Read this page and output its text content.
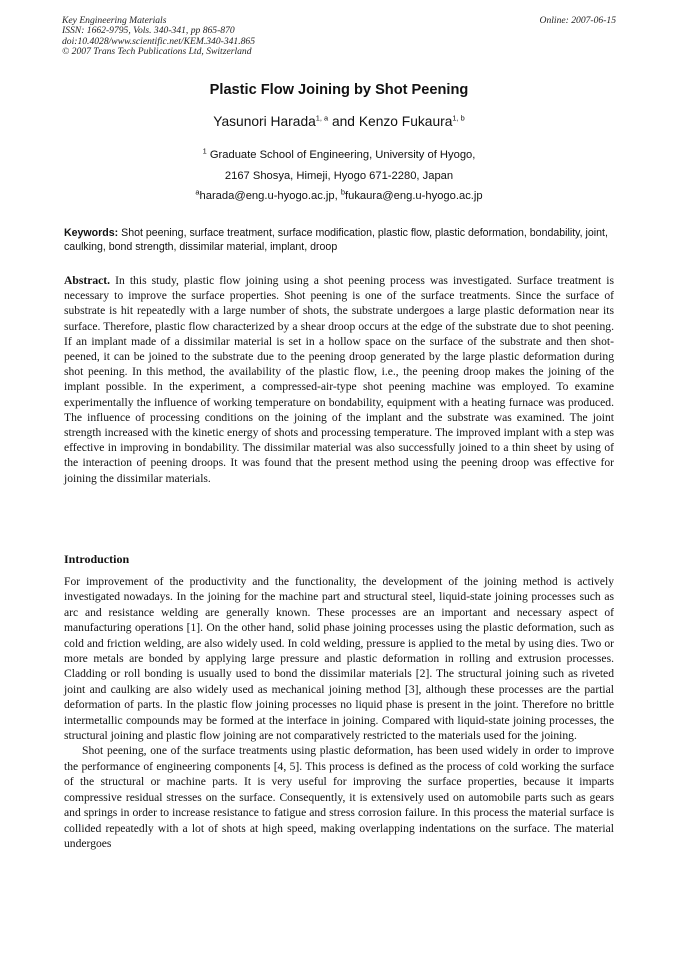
Key Engineering Materials
ISSN: 1662-9795, Vols. 340-341, pp 865-870
doi:10.4028/www.scientific.net/KEM.340-341.865
© 2007 Trans Tech Publications Ltd, Switzerland
Online: 2007-06-15
Plastic Flow Joining by Shot Peening
Yasunori Harada$^{1, a}$ and Kenzo Fukaura$^{1, b}$
$^1$ Graduate School of Engineering, University of Hyogo,
2167 Shosya, Himeji, Hyogo 671-2280, Japan
$^a$harada@eng.u-hyogo.ac.jp, $^b$fukaura@eng.u-hyogo.ac.jp
Keywords: Shot peening, surface treatment, surface modification, plastic flow, plastic deformation, bondability, joint, caulking, bond strength, dissimilar material, implant, droop
Abstract. In this study, plastic flow joining using a shot peening process was investigated. Surface treatment is necessary to improve the surface properties. Shot peening is one of the surface treatments. Since the surface of substrate is hit repeatedly with a large number of shots, the substrate undergoes a large plastic deformation near its surface. Therefore, plastic flow characterized by a shear droop occurs at the edge of the substrate due to shot peening. If an implant made of a dissimilar material is set in a hollow space on the surface of the substrate and then shot-peened, it can be joined to the substrate due to the peening droop generated by the large plastic deformation during shot peening. In this method, the availability of the plastic flow, i.e., the peening droop makes the joining of the implant possible. In the experiment, a compressed-air-type shot peening machine was employed. To examine experimentally the influence of working temperature on bondability, equipment with a heating furnace was produced. The influence of processing conditions on the joining of the implant and the substrate was examined. The joint strength increased with the kinetic energy of shots and processing temperature. The improved implant with a step was effective in improving in bondability. The dissimilar material was also successfully joined to a thin sheet by using of the interaction of peening droops. It was found that the present method using the peening droop was effective for joining the dissimilar materials.
Introduction

For improvement of the productivity and the functionality, the development of the joining method is actively investigated nowadays. In the joining for the machine part and structural steel, liquid-state joining processes such as arc and resistance welding are generally known. These processes are an important and necessary aspect of manufacturing operations [1]. On the other hand, solid phase joining processes using the plastic deformation, such as cold and friction welding, are also widely used. In cold welding, pressure is applied to the metal by using dies. Two or more metals are bonded by applying large pressure and plastic deformation in rolling and extrusion processes. Cladding or roll bonding is usually used to bond the dissimilar materials [2]. The structural joining such as riveted joint and caulking are also widely used as mechanical joining method [3], although these processes are the partial deformation of parts. In the plastic flow joining processes no liquid phase is present in the joint. Therefore no brittle intermetallic compounds may be formed at the interface in joining. Compared with liquid-state joining processes, the structural joining and plastic flow joining are not comparatively restricted to the materials used for the joining.

Shot peening, one of the surface treatments using plastic deformation, has been used widely in order to improve the performance of engineering components [4, 5]. This process is defined as the process of cold working the surface of the structural or machine parts. It is very useful for improving the surface properties, because it imparts compressive residual stresses on the surface. Consequently, it is extensively used on automobile parts such as gears and springs in order to increase resistance to fatigue and stress corrosion failure. In this process the material surface is collided repeatedly with a lot of shots at high speed, making overlapping indentations on the surface. The material undergoes
